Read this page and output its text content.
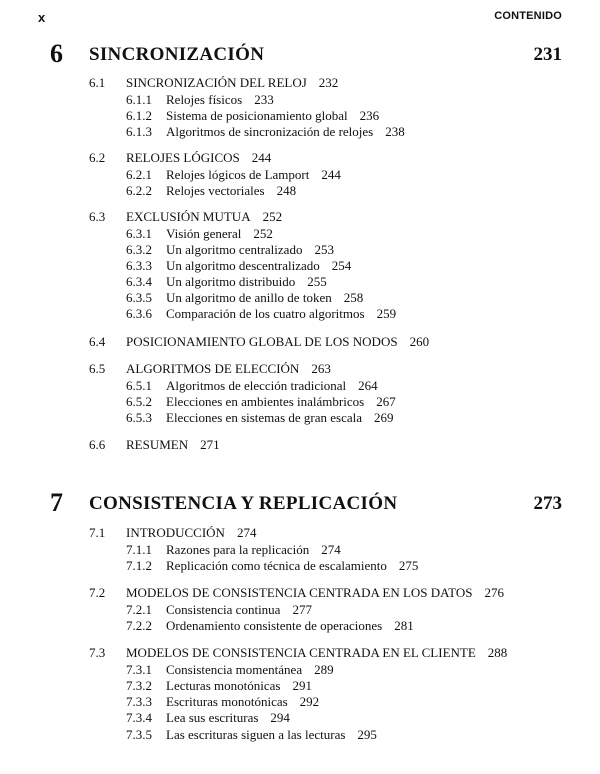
x	CONTENIDO
6 SINCRONIZACIÓN	231
6.1 SINCRONIZACIÓN DEL RELOJ 232
6.1.1 Relojes físicos 233
6.1.2 Sistema de posicionamiento global 236
6.1.3 Algoritmos de sincronización de relojes 238
6.2 RELOJES LÓGICOS 244
6.2.1 Relojes lógicos de Lamport 244
6.2.2 Relojes vectoriales 248
6.3 EXCLUSIÓN MUTUA 252
6.3.1 Visión general 252
6.3.2 Un algoritmo centralizado 253
6.3.3 Un algoritmo descentralizado 254
6.3.4 Un algoritmo distribuido 255
6.3.5 Un algoritmo de anillo de token 258
6.3.6 Comparación de los cuatro algoritmos 259
6.4 POSICIONAMIENTO GLOBAL DE LOS NODOS 260
6.5 ALGORITMOS DE ELECCIÓN 263
6.5.1 Algoritmos de elección tradicional 264
6.5.2 Elecciones en ambientes inalámbricos 267
6.5.3 Elecciones en sistemas de gran escala 269
6.6 RESUMEN 271
7 CONSISTENCIA Y REPLICACIÓN	273
7.1 INTRODUCCIÓN 274
7.1.1 Razones para la replicación 274
7.1.2 Replicación como técnica de escalamiento 275
7.2 MODELOS DE CONSISTENCIA CENTRADA EN LOS DATOS 276
7.2.1 Consistencia continua 277
7.2.2 Ordenamiento consistente de operaciones 281
7.3 MODELOS DE CONSISTENCIA CENTRADA EN EL CLIENTE 288
7.3.1 Consistencia momentánea 289
7.3.2 Lecturas monotónicas 291
7.3.3 Escrituras monotónicas 292
7.3.4 Lea sus escrituras 294
7.3.5 Las escrituras siguen a las lecturas 295
